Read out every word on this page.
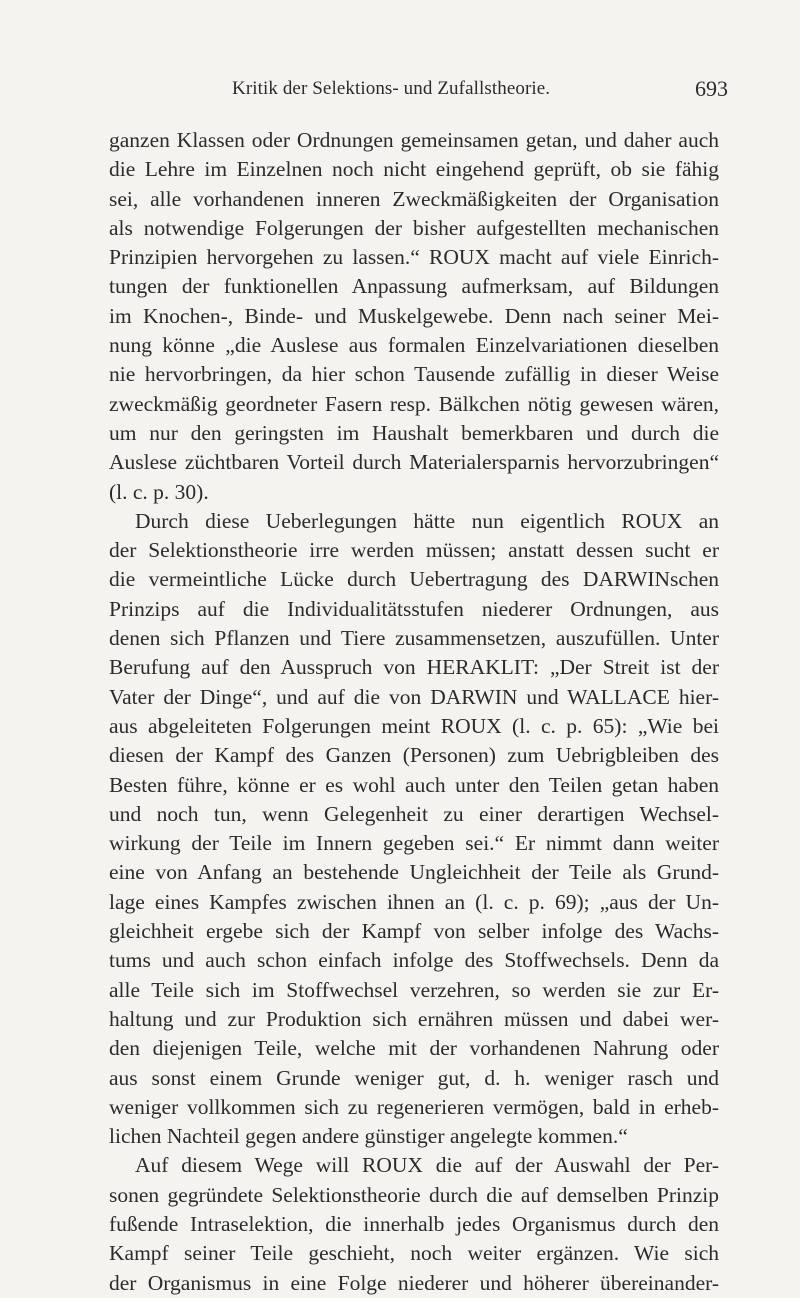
Kritik der Selektions- und Zufallstheorie.	693
ganzen Klassen oder Ordnungen gemeinsamen getan, und daher auch
die Lehre im Einzelnen noch nicht eingehend geprüft, ob sie fähig
sei, alle vorhandenen inneren Zweckmäßigkeiten der Organisation
als notwendige Folgerungen der bisher aufgestellten mechanischen
Prinzipien hervorgehen zu lassen.“ ROUX macht auf viele Einrich-
tungen der funktionellen Anpassung aufmerksam, auf Bildungen
im Knochen-, Binde- und Muskelgewebe. Denn nach seiner Mei-
nung könne „die Auslese aus formalen Einzelvariationen dieselben
nie hervorbringen, da hier schon Tausende zufällig in dieser Weise
zweckmäßig geordneter Fasern resp. Bälkchen nötig gewesen wären,
um nur den geringsten im Haushalt bemerkbaren und durch die
Auslese züchtbaren Vorteil durch Materialersparnis hervorzubringen“
(l. c. p. 30).
Durch diese Ueberlegungen hätte nun eigentlich ROUX an
der Selektionstheorie irre werden müssen; anstatt dessen sucht er
die vermeintliche Lücke durch Uebertragung des DARWINschen
Prinzips auf die Individualitätsstufen niederer Ordnungen, aus
denen sich Pflanzen und Tiere zusammensetzen, auszufüllen. Unter
Berufung auf den Ausspruch von HERAKLIT: „Der Streit ist der
Vater der Dinge“, und auf die von DARWIN und WALLACE hier-
aus abgeleiteten Folgerungen meint ROUX (l. c. p. 65): „Wie bei
diesen der Kampf des Ganzen (Personen) zum Uebrigbleiben des
Besten führe, könne er es wohl auch unter den Teilen getan haben
und noch tun, wenn Gelegenheit zu einer derartigen Wechsel-
wirkung der Teile im Innern gegeben sei.“ Er nimmt dann weiter
eine von Anfang an bestehende Ungleichheit der Teile als Grund-
lage eines Kampfes zwischen ihnen an (l. c. p. 69); „aus der Un-
gleichheit ergebe sich der Kampf von selber infolge des Wachs-
tums und auch schon einfach infolge des Stoffwechsels. Denn da
alle Teile sich im Stoffwechsel verzehren, so werden sie zur Er-
haltung und zur Produktion sich ernähren müssen und dabei wer-
den diejenigen Teile, welche mit der vorhandenen Nahrung oder
aus sonst einem Grunde weniger gut, d. h. weniger rasch und
weniger vollkommen sich zu regenerieren vermögen, bald in erheb-
lichen Nachteil gegen andere günstiger angelegte kommen.“
Auf diesem Wege will ROUX die auf der Auswahl der Per-
sonen gegründete Selektionstheorie durch die auf demselben Prinzip
fußende Intraselektion, die innerhalb jedes Organismus durch den
Kampf seiner Teile geschieht, noch weiter ergänzen. Wie sich
der Organismus in eine Folge niederer und höherer übereinander-
